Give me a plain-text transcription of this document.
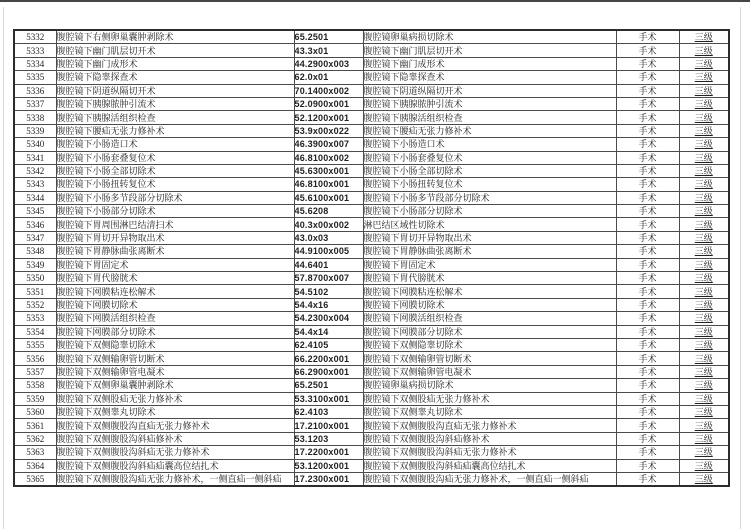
5332	腹腔镜下右侧卵巢囊肿剥除术	65.2501	腹腔镜卵巢病损切除术	手术	三级
5333	腹腔镜下幽门肌层切开术	43.3x01	腹腔镜下幽门肌层切开术	手术	三级
5334	腹腔镜下幽门成形术	44.2900x003	腹腔镜下幽门成形术	手术	三级
5335	腹腔镜下隐睾探查术	62.0x01	腹腔镜下隐睾探查术	手术	三级
5336	腹腔镜下阴道纵隔切开术	70.1400x002	腹腔镜下阴道纵隔切开术	手术	三级
5337	腹腔镜下胰腺脓肿引流术	52.0900x001	腹腔镜下胰腺脓肿引流术	手术	三级
5338	腹腔镜下胰腺活组织检查	52.1200x001	腹腔镜下胰腺活组织检查	手术	三级
5339	腹腔镜下腰疝无张力修补术	53.9x00x022	腹腔镜下腰疝无张力修补术	手术	三级
5340	腹腔镜下小肠造口术	46.3900x007	腹腔镜下小肠造口术	手术	三级
5341	腹腔镜下小肠套叠复位术	46.8100x002	腹腔镜下小肠套叠复位术	手术	三级
5342	腹腔镜下小肠全部切除术	45.6300x001	腹腔镜下小肠全部切除术	手术	三级
5343	腹腔镜下小肠扭转复位术	46.8100x001	腹腔镜下小肠扭转复位术	手术	三级
5344	腹腔镜下小肠多节段部分切除术	45.6100x001	腹腔镜下小肠多节段部分切除术	手术	三级
5345	腹腔镜下小肠部分切除术	45.6208	腹腔镜下小肠部分切除术	手术	三级
5346	腹腔镜下胃周围淋巴结清扫术	40.3x00x002	淋巴结区域性切除术	手术	三级
5347	腹腔镜下胃切开异物取出术	43.0x03	腹腔镜下胃切开异物取出术	手术	三级
5348	腹腔镜下胃静脉曲张离断术	44.9100x005	腹腔镜下胃静脉曲张离断术	手术	三级
5349	腹腔镜下胃固定术	44.6401	腹腔镜下胃固定术	手术	三级
5350	腹腔镜下胃代膀胱术	57.8700x007	腹腔镜下胃代膀胱术	手术	三级
5351	腹腔镜下网膜粘连松解术	54.5102	腹腔镜下网膜粘连松解术	手术	三级
5352	腹腔镜下网膜切除术	54.4x16	腹腔镜下网膜切除术	手术	三级
5353	腹腔镜下网膜活组织检查	54.2300x004	腹腔镜下网膜活组织检查	手术	三级
5354	腹腔镜下网膜部分切除术	54.4x14	腹腔镜下网膜部分切除术	手术	三级
5355	腹腔镜下双侧隐睾切除术	62.4105	腹腔镜下双侧隐睾切除术	手术	三级
5356	腹腔镜下双侧输卵管切断术	66.2200x001	腹腔镜下双侧输卵管切断术	手术	三级
5357	腹腔镜下双侧输卵管电凝术	66.2900x001	腹腔镜下双侧输卵管电凝术	手术	三级
5358	腹腔镜下双侧卵巢囊肿剥除术	65.2501	腹腔镜卵巢病损切除术	手术	三级
5359	腹腔镜下双侧股疝无张力修补术	53.3100x001	腹腔镜下双侧股疝无张力修补术	手术	三级
5360	腹腔镜下双侧睾丸切除术	62.4103	腹腔镜下双侧睾丸切除术	手术	三级
5361	腹腔镜下双侧腹股沟直疝无张力修补术	17.2100x001	腹腔镜下双侧腹股沟直疝无张力修补术	手术	三级
5362	腹腔镜下双侧腹股沟斜疝修补术	53.1203	腹腔镜下双侧腹股沟斜疝修补术	手术	三级
5363	腹腔镜下双侧腹股沟斜疝无张力修补术	17.2200x001	腹腔镜下双侧腹股沟斜疝无张力修补术	手术	三级
5364	腹腔镜下双侧腹股沟斜疝疝囊高位结扎术	53.1200x001	腹腔镜下双侧腹股沟斜疝疝囊高位结扎术	手术	三级
5365	腹腔镜下双侧腹股沟疝无张力修补术，一侧直疝一侧斜疝	17.2300x001	腹腔镜下双侧腹股沟疝无张力修补术，一侧直疝一侧斜疝	手术	三级
